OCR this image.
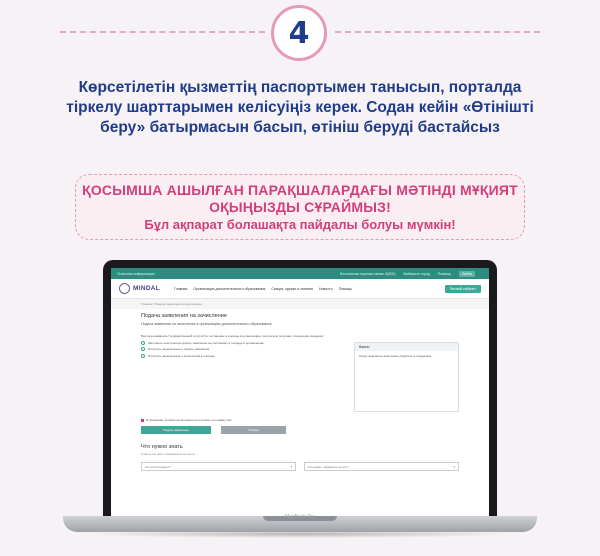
4
Көрсетілетін қызметтің паспортымен танысып, порталда тіркелу шарттарымен келісуіңіз керек. Содан кейін «Өтінішті беру» батырмасын басып, өтініш беруді бастайсыз
ҚОСЫМША АШЫЛҒАН ПАРАҚШАЛАРДАҒЫ МӘТІНДІ МҰҚИЯТ
ОҚЫҢЫЗДЫ СҰРАЙМЫЗ!
Бұл ақпарат болашақта пайдалы болуы мүмкін!
Полезная информация	Бесплатная горячая линия: 8(800) Выберите город Помощь	Войти
MINDAL	Главная Организации дополнительного образования Секции, кружки и занятия Новости Помощь	Личный кабинет
Главная / Подача заявления на зачисление
Подача заявления на зачисление
Подача заявления на зачисление в организацию дополнительного образования
Воспользовавшись Государственной услугой по постановке в очередь в организацию, получатели получают следующие сведения:
Заполнить электронную форму заявления на постановку в очередь в организацию.
Получить уведомление о подаче заявления.
Получить уведомление о зачислении в очередь.
Важно
Перед подачей на зачисление убедитесь в следующем...
Я принимаю условия регистрации на портале и отправку смс
Подать заявление	Отмена
Что нужно знать
Ответы на часто задаваемые вопросы
Кто регистрирует?	▾	Кто может оказывать услугу?	▾
MacBook Pro
